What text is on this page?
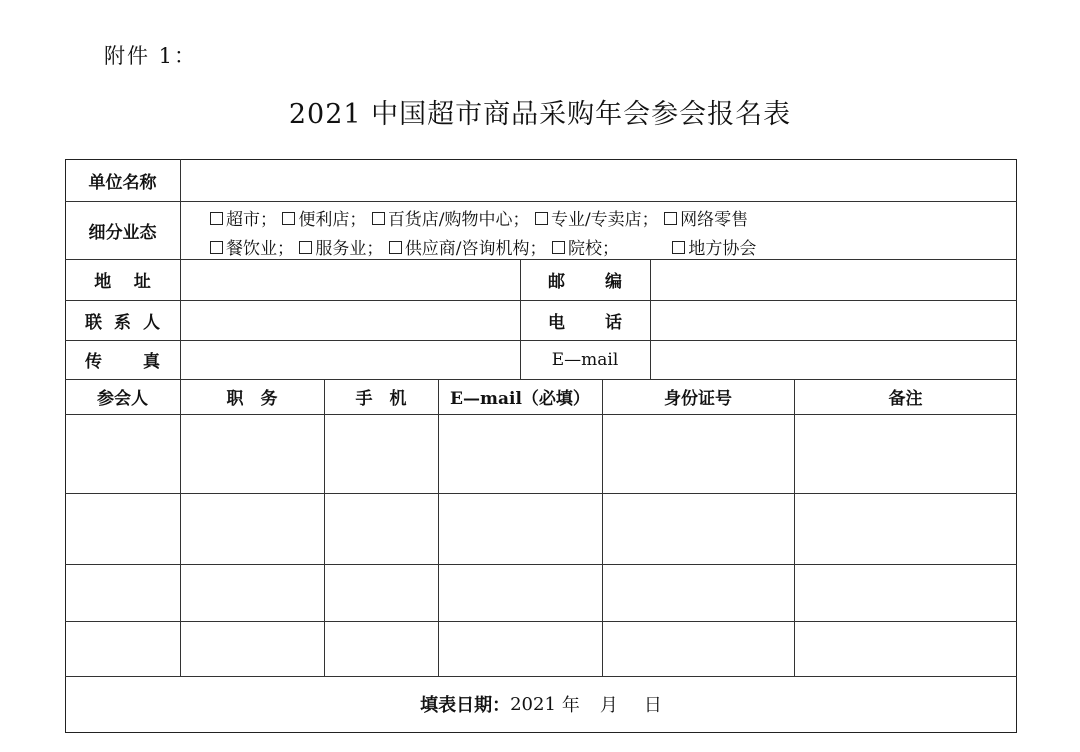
附件 1：
2021 中国超市商品采购年会参会报名表
单位名称
细分业态
超市； 便利店； 百货店/购物中心； 专业/专卖店； 网络零售
餐饮业； 服务业； 供应商/咨询机构； 院校；	地方协会
地 址	邮 编
联 系 人	电 话
传 真	E—mail
参会人	职　务	手　机	E—mail（必填）	身份证号	备注
填表日期： 2021 年 月 日
